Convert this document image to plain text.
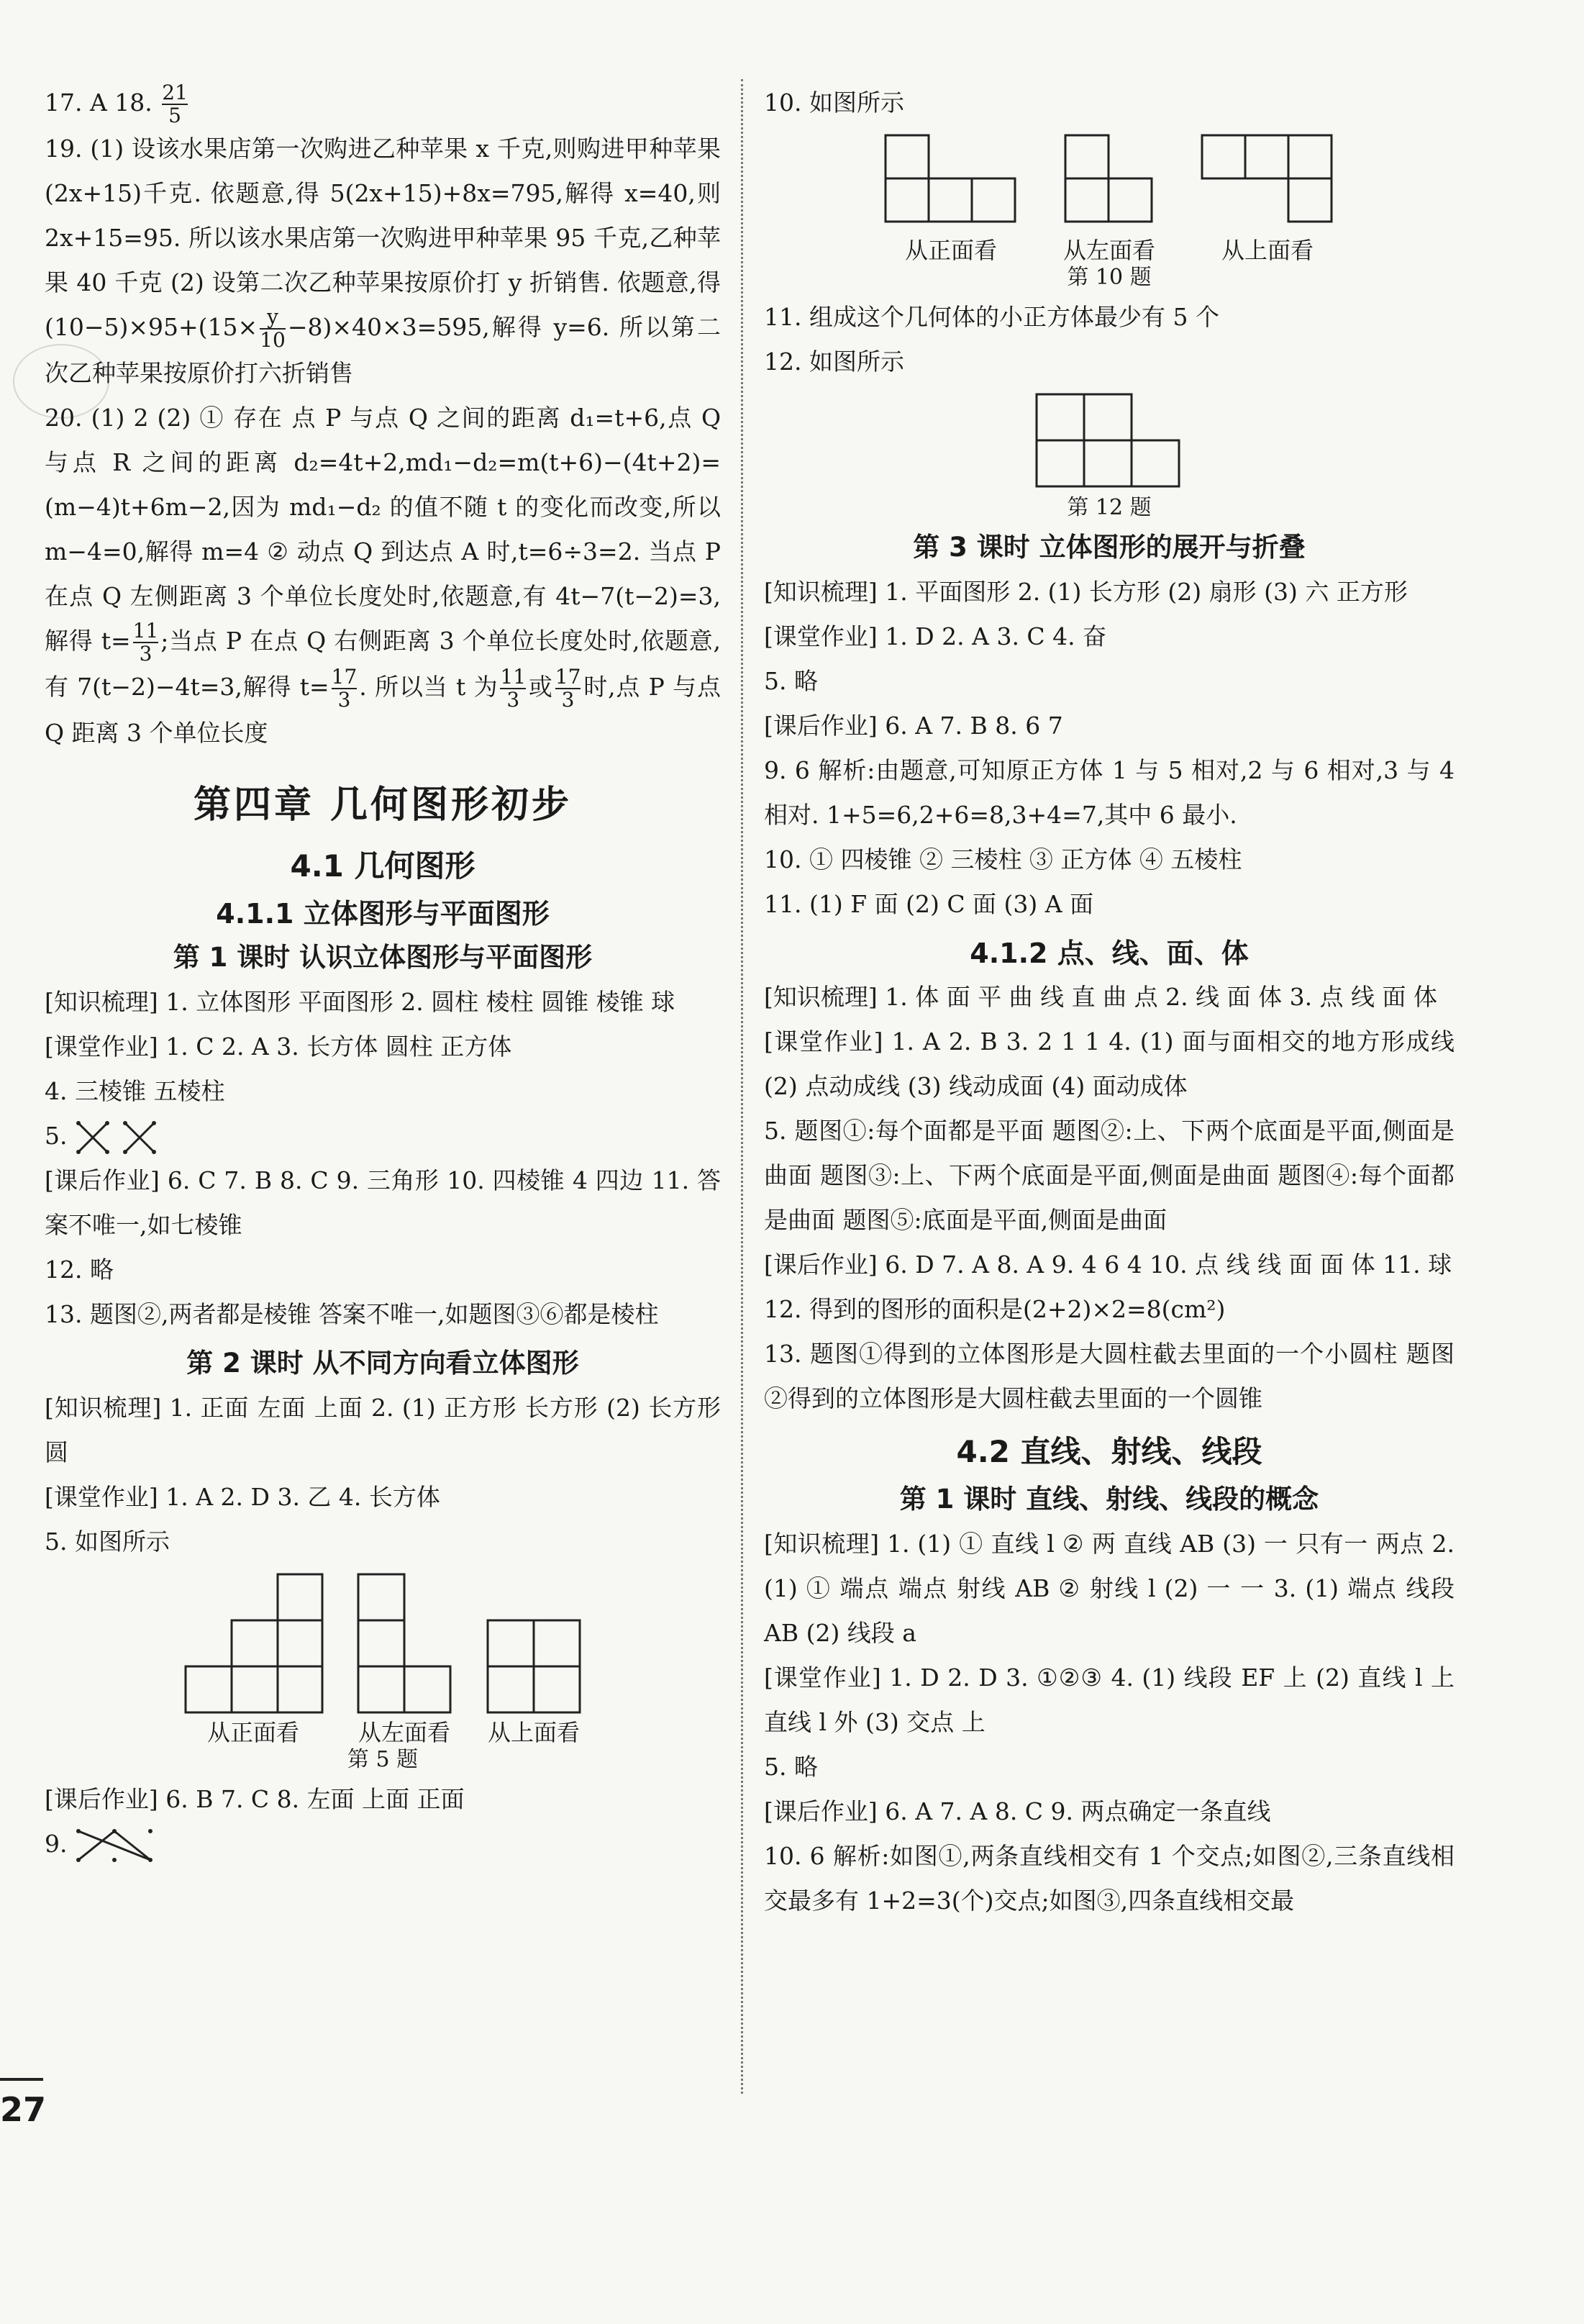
17. A 18. $\frac{21}{5}$

19. (1) 设该水果店第一次购进乙种苹果 x 千克,则购进甲种苹果(2x+15)千克. 依题意,得 5(2x+15)+8x=795,解得 x=40,则 2x+15=95. 所以该水果店第一次购进甲种苹果 95 千克,乙种苹果 40 千克 (2) 设第二次乙种苹果按原价打 y 折销售. 依题意,得$(10-5)\times 95+(15\times \frac{y}{10} -8)\times 40\times 3=595$,解得 y=6. 所以第二次乙种苹果按原价打六折销售

20. (1) 2 (2) ① 存在 点 P 与点 Q 之间的距离 d₁=t+6,点 Q 与点 R 之间的距离 d₂=4t+2,md₁−d₂=m(t+6)−(4t+2)=(m−4)t+6m−2,因为 md₁−d₂ 的值不随 t 的变化而改变,所以 m−4=0,解得 m=4 ② 动点 Q 到达点 A 时,t=6÷3=2. 当点 P 在点 Q 左侧距离 3 个单位长度处时,依题意,有 4t−7(t−2)=3,解得 $t= \frac{11}{3}$ ;当点 P 在点 Q 右侧距离 3 个单位长度处时,依题意,有 7(t−2)−4t=3,解得 $t= \frac{17}{3}$ . 所以当 t 为 $\frac{11}{3}$ 或 $\frac{17}{3}$ 时,点 P 与点 Q 距离 3 个单位长度

第四章 几何图形初步
4.1 几何图形
4.1.1 立体图形与平面图形
第 1 课时 认识立体图形与平面图形

[知识梳理] 1. 立体图形 平面图形 2. 圆柱 棱柱 圆锥 棱锥 球

[课堂作业] 1. C 2. A 3. 长方体 圆柱 正方体

4. 三棱锥 五棱柱

5.

[课后作业] 6. C 7. B 8. C 9. 三角形 10. 四棱锥 4 四边 11. 答案不唯一,如七棱锥

12. 略

13. 题图②,两者都是棱锥 答案不唯一,如题图③⑥都是棱柱

第 2 课时 从不同方向看立体图形

[知识梳理] 1. 正面 左面 上面 2. (1) 正方形 长方形 (2) 长方形 圆

[课堂作业] 1. A 2. D 3. 乙 4. 长方体

5. 如图所示

从正面看	从左面看 从上面看

第 5 题

[课后作业] 6. B 7. C 8. 左面 上面 正面

9.

10. 如图所示

从正面看	从左面看	从上面看

第 10 题

11. 组成这个几何体的小正方体最少有 5 个

12. 如图所示

第 12 题

第 3 课时 立体图形的展开与折叠

[知识梳理] 1. 平面图形 2. (1) 长方形 (2) 扇形 (3) 六 正方形

[课堂作业] 1. D 2. A 3. C 4. 奋

5. 略

[课后作业] 6. A 7. B 8. 6 7

9. 6 解析:由题意,可知原正方体 1 与 5 相对,2 与 6 相对,3 与 4 相对. 1+5=6,2+6=8,3+4=7,其中 6 最小.

10. ① 四棱锥 ② 三棱柱 ③ 正方体 ④ 五棱柱

11. (1) F 面 (2) C 面 (3) A 面

4.1.2 点、线、面、体

[知识梳理] 1. 体 面 平 曲 线 直 曲 点 2. 线 面 体 3. 点 线 面 体

[课堂作业] 1. A 2. B 3. 2 1 1 4. (1) 面与面相交的地方形成线 (2) 点动成线 (3) 线动成面 (4) 面动成体

5. 题图①:每个面都是平面 题图②:上、下两个底面是平面,侧面是曲面 题图③:上、下两个底面是平面,侧面是曲面 题图④:每个面都是曲面 题图⑤:底面是平面,侧面是曲面

[课后作业] 6. D 7. A 8. A 9. 4 6 4 10. 点 线 线 面 面 体 11. 球

12. 得到的图形的面积是(2+2)×2=8(cm²)

13. 题图①得到的立体图形是大圆柱截去里面的一个小圆柱 题图②得到的立体图形是大圆柱截去里面的一个圆锥

4.2 直线、射线、线段
第 1 课时 直线、射线、线段的概念

[知识梳理] 1. (1) ① 直线 l ② 两 直线 AB (3) 一 只有一 两点 2. (1) ① 端点 端点 射线 AB ② 射线 l (2) 一 一 3. (1) 端点 线段 AB (2) 线段 a

[课堂作业] 1. D 2. D 3. ①②③ 4. (1) 线段 EF 上 (2) 直线 l 上 直线 l 外 (3) 交点 上

5. 略

[课后作业] 6. A 7. A 8. C 9. 两点确定一条直线

10. 6 解析:如图①,两条直线相交有 1 个交点;如图②,三条直线相交最多有 1+2=3(个)交点;如图③,四条直线相交最

27
